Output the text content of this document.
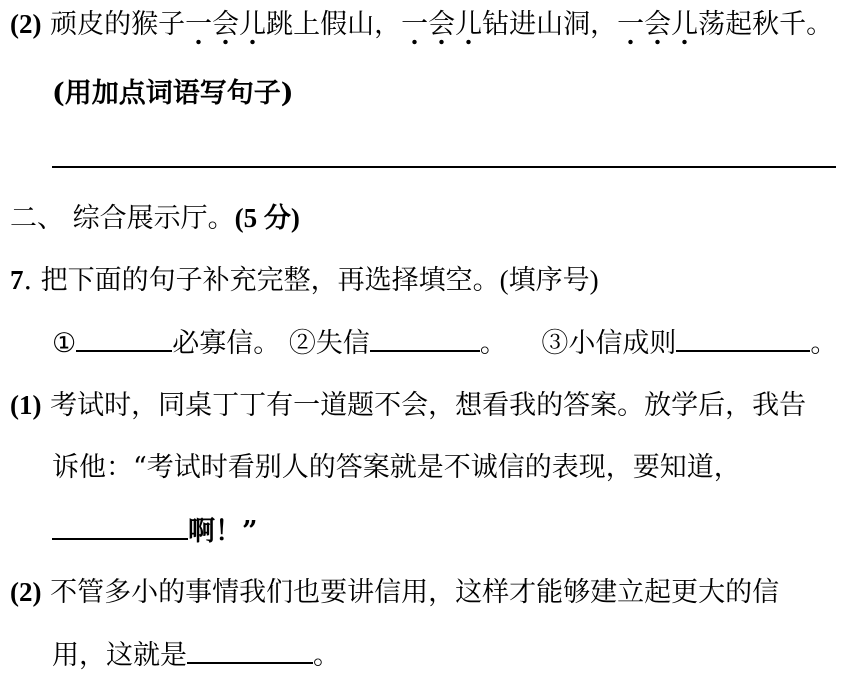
(2) 顽皮的猴子一会儿跳上假山，一会儿钻进山洞，一会儿荡起秋千。
(用加点词语写句子)
二、 综合展示厅。(5 分)
7. 把下面的句子补充完整，再选择填空。(填序号)
①	必寡信。 ②失信	。 ③小信成则	。
(1) 考试时，同桌丁丁有一道题不会，想看我的答案。放学后，我告
诉他：“考试时看别人的答案就是不诚信的表现，要知道，
啊！”
(2) 不管多小的事情我们也要讲信用，这样才能够建立起更大的信
用，这就是	。
